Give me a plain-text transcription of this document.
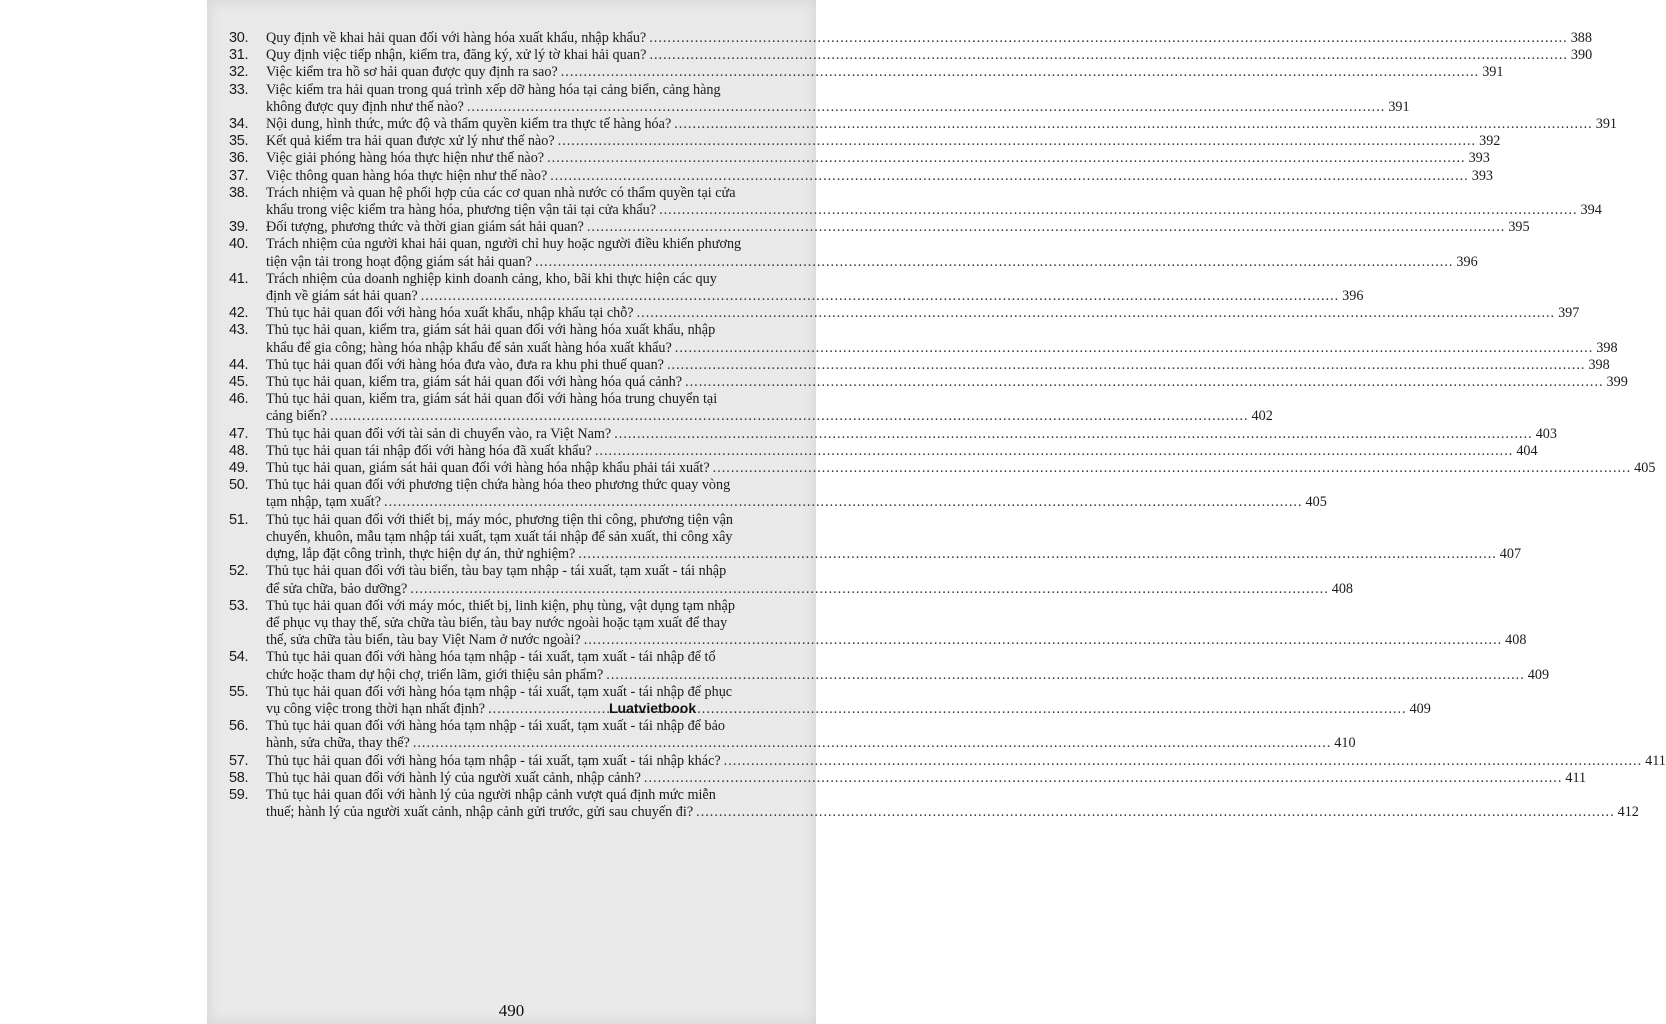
30.	Quy định về khai hải quan đối với hàng hóa xuất khẩu, nhập khẩu? .....	388
31.	Quy định việc tiếp nhận, kiểm tra, đăng ký, xử lý tờ khai hải quan? .....	390
32.	Việc kiểm tra hồ sơ hải quan được quy định ra sao? .....	391
33.	Việc kiểm tra hải quan trong quá trình xếp dỡ hàng hóa tại cảng biển, cảng hàng
không được quy định như thế nào? .....	391
34.	Nội dung, hình thức, mức độ và thẩm quyền kiểm tra thực tế hàng hóa? .....	391
35.	Kết quả kiểm tra hải quan được xử lý như thế nào? .....	392
36.	Việc giải phóng hàng hóa thực hiện như thế nào? .....	393
37.	Việc thông quan hàng hóa thực hiện như thế nào? .....	393
38.	Trách nhiệm và quan hệ phối hợp của các cơ quan nhà nước có thẩm quyền tại cửa
khẩu trong việc kiểm tra hàng hóa, phương tiện vận tải tại cửa khẩu? .....	394
39.	Đối tượng, phương thức và thời gian giám sát hải quan? .....	395
40.	Trách nhiệm của người khai hải quan, người chỉ huy hoặc người điều khiển phương
tiện vận tải trong hoạt động giám sát hải quan? .....	396
41.	Trách nhiệm của doanh nghiệp kinh doanh cảng, kho, bãi khi thực hiện các quy
định về giám sát hải quan? .....	396
42.	Thủ tục hải quan đối với hàng hóa xuất khẩu, nhập khẩu tại chỗ? .....	397
43.	Thủ tục hải quan, kiểm tra, giám sát hải quan đối với hàng hóa xuất khẩu, nhập
khẩu để gia công; hàng hóa nhập khẩu để sản xuất hàng hóa xuất khẩu? .....	398
44.	Thủ tục hải quan đối với hàng hóa đưa vào, đưa ra khu phi thuế quan? .....	398
45.	Thủ tục hải quan, kiểm tra, giám sát hải quan đối với hàng hóa quá cảnh? .....	399
46.	Thủ tục hải quan, kiểm tra, giám sát hải quan đối với hàng hóa trung chuyển tại
cảng biển? .....	402
47.	Thủ tục hải quan đối với tài sản di chuyển vào, ra Việt Nam? .....	403
48.	Thủ tục hải quan tái nhập đối với hàng hóa đã xuất khẩu? .....	404
49.	Thủ tục hải quan, giám sát hải quan đối với hàng hóa nhập khẩu phải tái xuất? .....	405
50.	Thủ tục hải quan đối với phương tiện chứa hàng hóa theo phương thức quay vòng
tạm nhập, tạm xuất? .....	405
51.	Thủ tục hải quan đối với thiết bị, máy móc, phương tiện thi công, phương tiện vận
chuyển, khuôn, mẫu tạm nhập tái xuất, tạm xuất tái nhập để sản xuất, thi công xây
dựng, lắp đặt công trình, thực hiện dự án, thử nghiệm? .....	407
52.	Thủ tục hải quan đối với tàu biển, tàu bay tạm nhập - tái xuất, tạm xuất - tái nhập
để sửa chữa, bảo dưỡng? .....	408
53.	Thủ tục hải quan đối với máy móc, thiết bị, linh kiện, phụ tùng, vật dụng tạm nhập
để phục vụ thay thế, sửa chữa tàu biển, tàu bay nước ngoài hoặc tạm xuất để thay
thế, sửa chữa tàu biển, tàu bay Việt Nam ở nước ngoài? .....	408
54.	Thủ tục hải quan đối với hàng hóa tạm nhập - tái xuất, tạm xuất - tái nhập để tổ
chức hoặc tham dự hội chợ, triển lãm, giới thiệu sản phẩm? .....	409
55.	Thủ tục hải quan đối với hàng hóa tạm nhập - tái xuất, tạm xuất - tái nhập để phục
vụ công việc trong thời hạn nhất định? .....	409
56.	Thủ tục hải quan đối với hàng hóa tạm nhập - tái xuất, tạm xuất - tái nhập để bảo
hành, sửa chữa, thay thế? .....	410
57.	Thủ tục hải quan đối với hàng hóa tạm nhập - tái xuất, tạm xuất - tái nhập khác? .....	411
58.	Thủ tục hải quan đối với hành lý của người xuất cảnh, nhập cảnh? .....	411
59.	Thủ tục hải quan đối với hành lý của người nhập cảnh vượt quá định mức miễn
thuế; hành lý của người xuất cảnh, nhập cảnh gửi trước, gửi sau chuyến đi? .....	412
Luatvietbook
490
